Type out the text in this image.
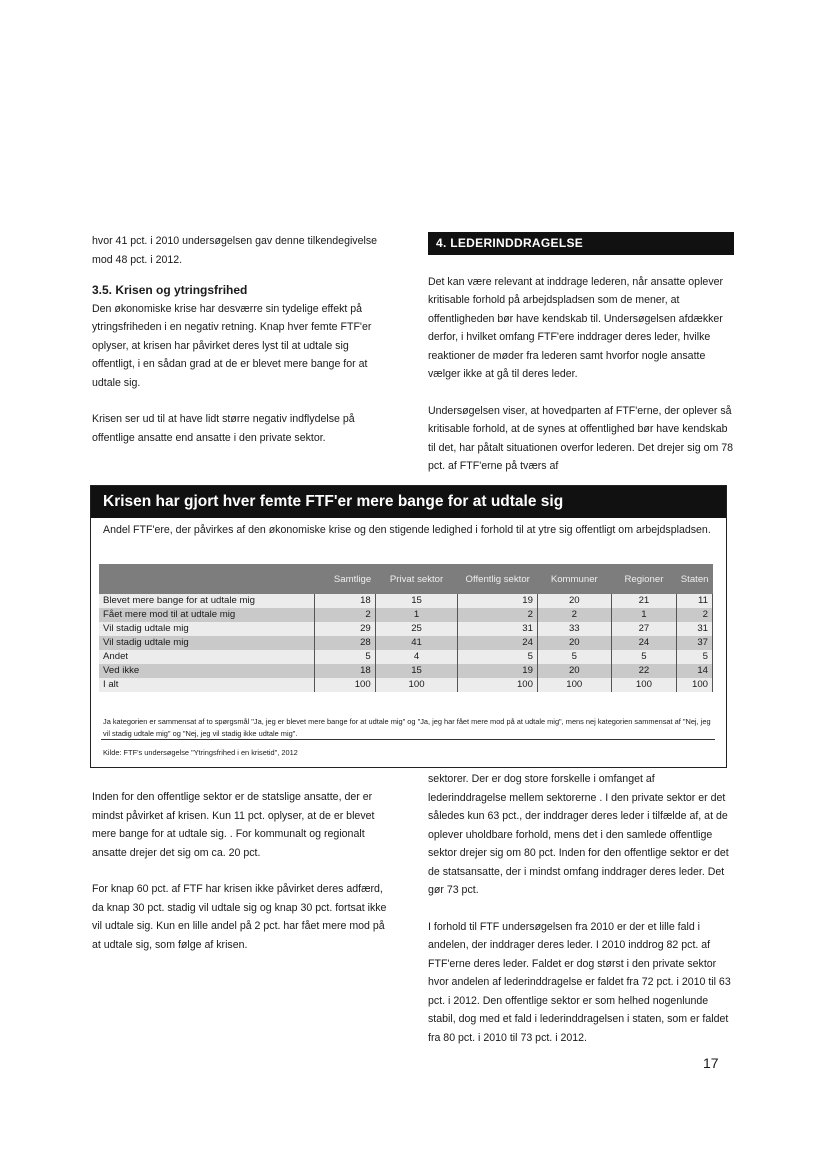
hvor 41 pct. i 2010 undersøgelsen gav denne tilkendegivelse mod 48 pct. i 2012.

3.5. Krisen og ytringsfrihed

Den økonomiske krise har desværre sin tydelige effekt på ytringsfriheden i en negativ retning. Knap hver femte FTF'er oplyser, at krisen har påvirket deres lyst til at udtale sig offentligt, i en sådan grad at de er blevet mere bange for at udtale sig.

Krisen ser ud til at have lidt større negativ indflydelse på offentlige ansatte end ansatte i den private sektor.

4. LEDERINDDRAGELSE

Det kan være relevant at inddrage lederen, når ansatte oplever kritisable forhold på arbejdspladsen som de mener, at offentligheden bør have kendskab til. Undersøgelsen afdækker derfor, i hvilket omfang FTF'ere inddrager deres leder, hvilke reaktioner de møder fra lederen samt hvorfor nogle ansatte vælger ikke at gå til deres leder.

Undersøgelsen viser, at hovedparten af FTF'erne, der oplever så kritisable forhold, at de synes at offentlighed bør have kendskab til det, har påtalt situationen overfor lederen. Det drejer sig om 78 pct. af FTF'erne på tværs af

Krisen har gjort hver femte FTF'er mere bange for at udtale sig
Andel FTF'ere, der påvirkes af den økonomiske krise og den stigende ledighed i forhold til at ytre sig offentligt om arbejdspladsen.
	Samtlige	Privat sektor	Offentlig sektor	Kommuner	Regioner	Staten
Blevet mere bange for at udtale mig	18	15	19	20	21	11
Fået mere mod til at udtale mig	2	1	2	2	1	2
Vil stadig udtale mig	29	25	31	33	27	31
Vil stadig udtale mig	28	41	24	20	24	37
Andet	5	4	5	5	5	5
Ved ikke	18	15	19	20	22	14
I alt	100	100	100	100	100	100
Ja kategorien er sammensat af to spørgsmål "Ja, jeg er blevet mere bange for at udtale mig" og "Ja, jeg har fået mere mod på at udtale mig", mens nej kategorien sammensat af "Nej, jeg vil stadig udtale mig" og "Nej, jeg vil stadig ikke udtale mig".
Kilde: FTF's undersøgelse "Ytringsfrihed i en krisetid", 2012

Inden for den offentlige sektor er de statslige ansatte, der er mindst påvirket af krisen. Kun 11 pct. oplyser, at de er blevet mere bange for at udtale sig. . For kommunalt og regionalt ansatte drejer det sig om ca. 20 pct.

For knap 60 pct. af FTF har krisen ikke påvirket deres adfærd, da knap 30 pct. stadig vil udtale sig og knap 30 pct. fortsat ikke vil udtale sig. Kun en lille andel på 2 pct. har fået mere mod på at udtale sig, som følge af krisen.

sektorer. Der er dog store forskelle i omfanget af lederinddragelse mellem sektorerne . I den private sektor er det således kun 63 pct., der inddrager deres leder i tilfælde af, at de oplever uholdbare forhold, mens det i den samlede offentlige sektor drejer sig om 80 pct. Inden for den offentlige sektor er det de statsansatte, der i mindst omfang inddrager deres leder. Det gør 73 pct.

I forhold til FTF undersøgelsen fra 2010 er der et lille fald i andelen, der inddrager deres leder. I 2010 inddrog 82 pct. af FTF'erne deres leder. Faldet er dog størst i den private sektor hvor andelen af lederinddragelse er faldet fra 72 pct. i 2010 til 63 pct. i 2012. Den offentlige sektor er som helhed nogenlunde stabil, dog med et fald i lederinddragelsen i staten, som er faldet fra 80 pct. i 2010 til 73 pct. i 2012.

17
